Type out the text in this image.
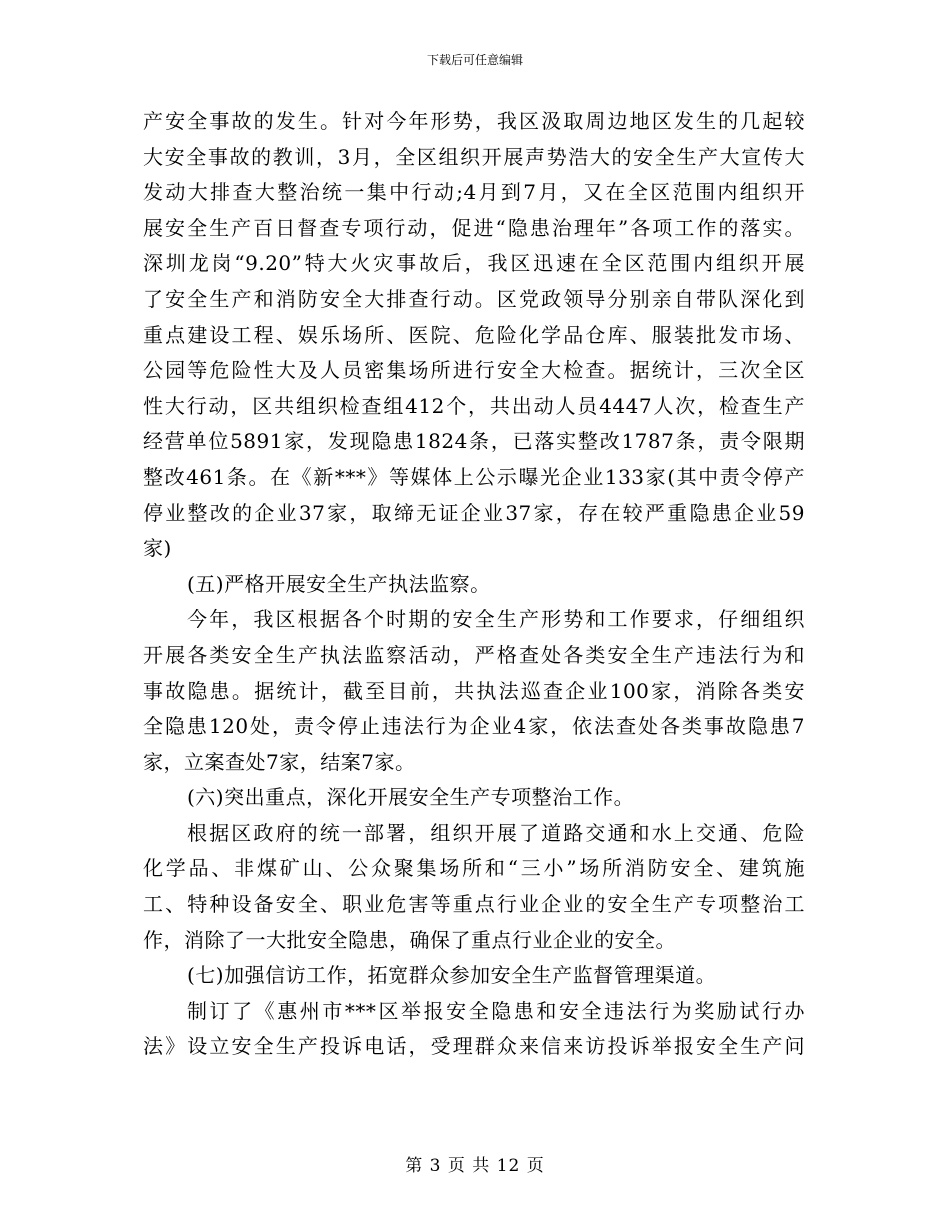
下载后可任意编辑
产安全事故的发生。针对今年形势，我区汲取周边地区发生的几起较
大安全事故的教训，3月，全区组织开展声势浩大的安全生产大宣传大
发动大排查大整治统一集中行动;4月到7月，又在全区范围内组织开
展安全生产百日督查专项行动，促进“隐患治理年”各项工作的落实。
深圳龙岗“9.20”特大火灾事故后，我区迅速在全区范围内组织开展
了安全生产和消防安全大排查行动。区党政领导分别亲自带队深化到
重点建设工程、娱乐场所、医院、危险化学品仓库、服装批发市场、
公园等危险性大及人员密集场所进行安全大检查。据统计，三次全区
性大行动，区共组织检查组412个，共出动人员4447人次，检查生产
经营单位5891家，发现隐患1824条，已落实整改1787条，责令限期
整改461条。在《新***》等媒体上公示曝光企业133家(其中责令停产
停业整改的企业37家，取缔无证企业37家，存在较严重隐患企业59
家)
(五)严格开展安全生产执法监察。
今年，我区根据各个时期的安全生产形势和工作要求，仔细组织
开展各类安全生产执法监察活动，严格查处各类安全生产违法行为和
事故隐患。据统计，截至目前，共执法巡查企业100家，消除各类安
全隐患120处，责令停止违法行为企业4家，依法查处各类事故隐患7
家，立案查处7家，结案7家。
(六)突出重点，深化开展安全生产专项整治工作。
根据区政府的统一部署，组织开展了道路交通和水上交通、危险
化学品、非煤矿山、公众聚集场所和“三小”场所消防安全、建筑施
工、特种设备安全、职业危害等重点行业企业的安全生产专项整治工
作，消除了一大批安全隐患，确保了重点行业企业的安全。
(七)加强信访工作，拓宽群众参加安全生产监督管理渠道。
制订了《惠州市***区举报安全隐患和安全违法行为奖励试行办
法》设立安全生产投诉电话，受理群众来信来访投诉举报安全生产问
第 3 页 共 12 页
